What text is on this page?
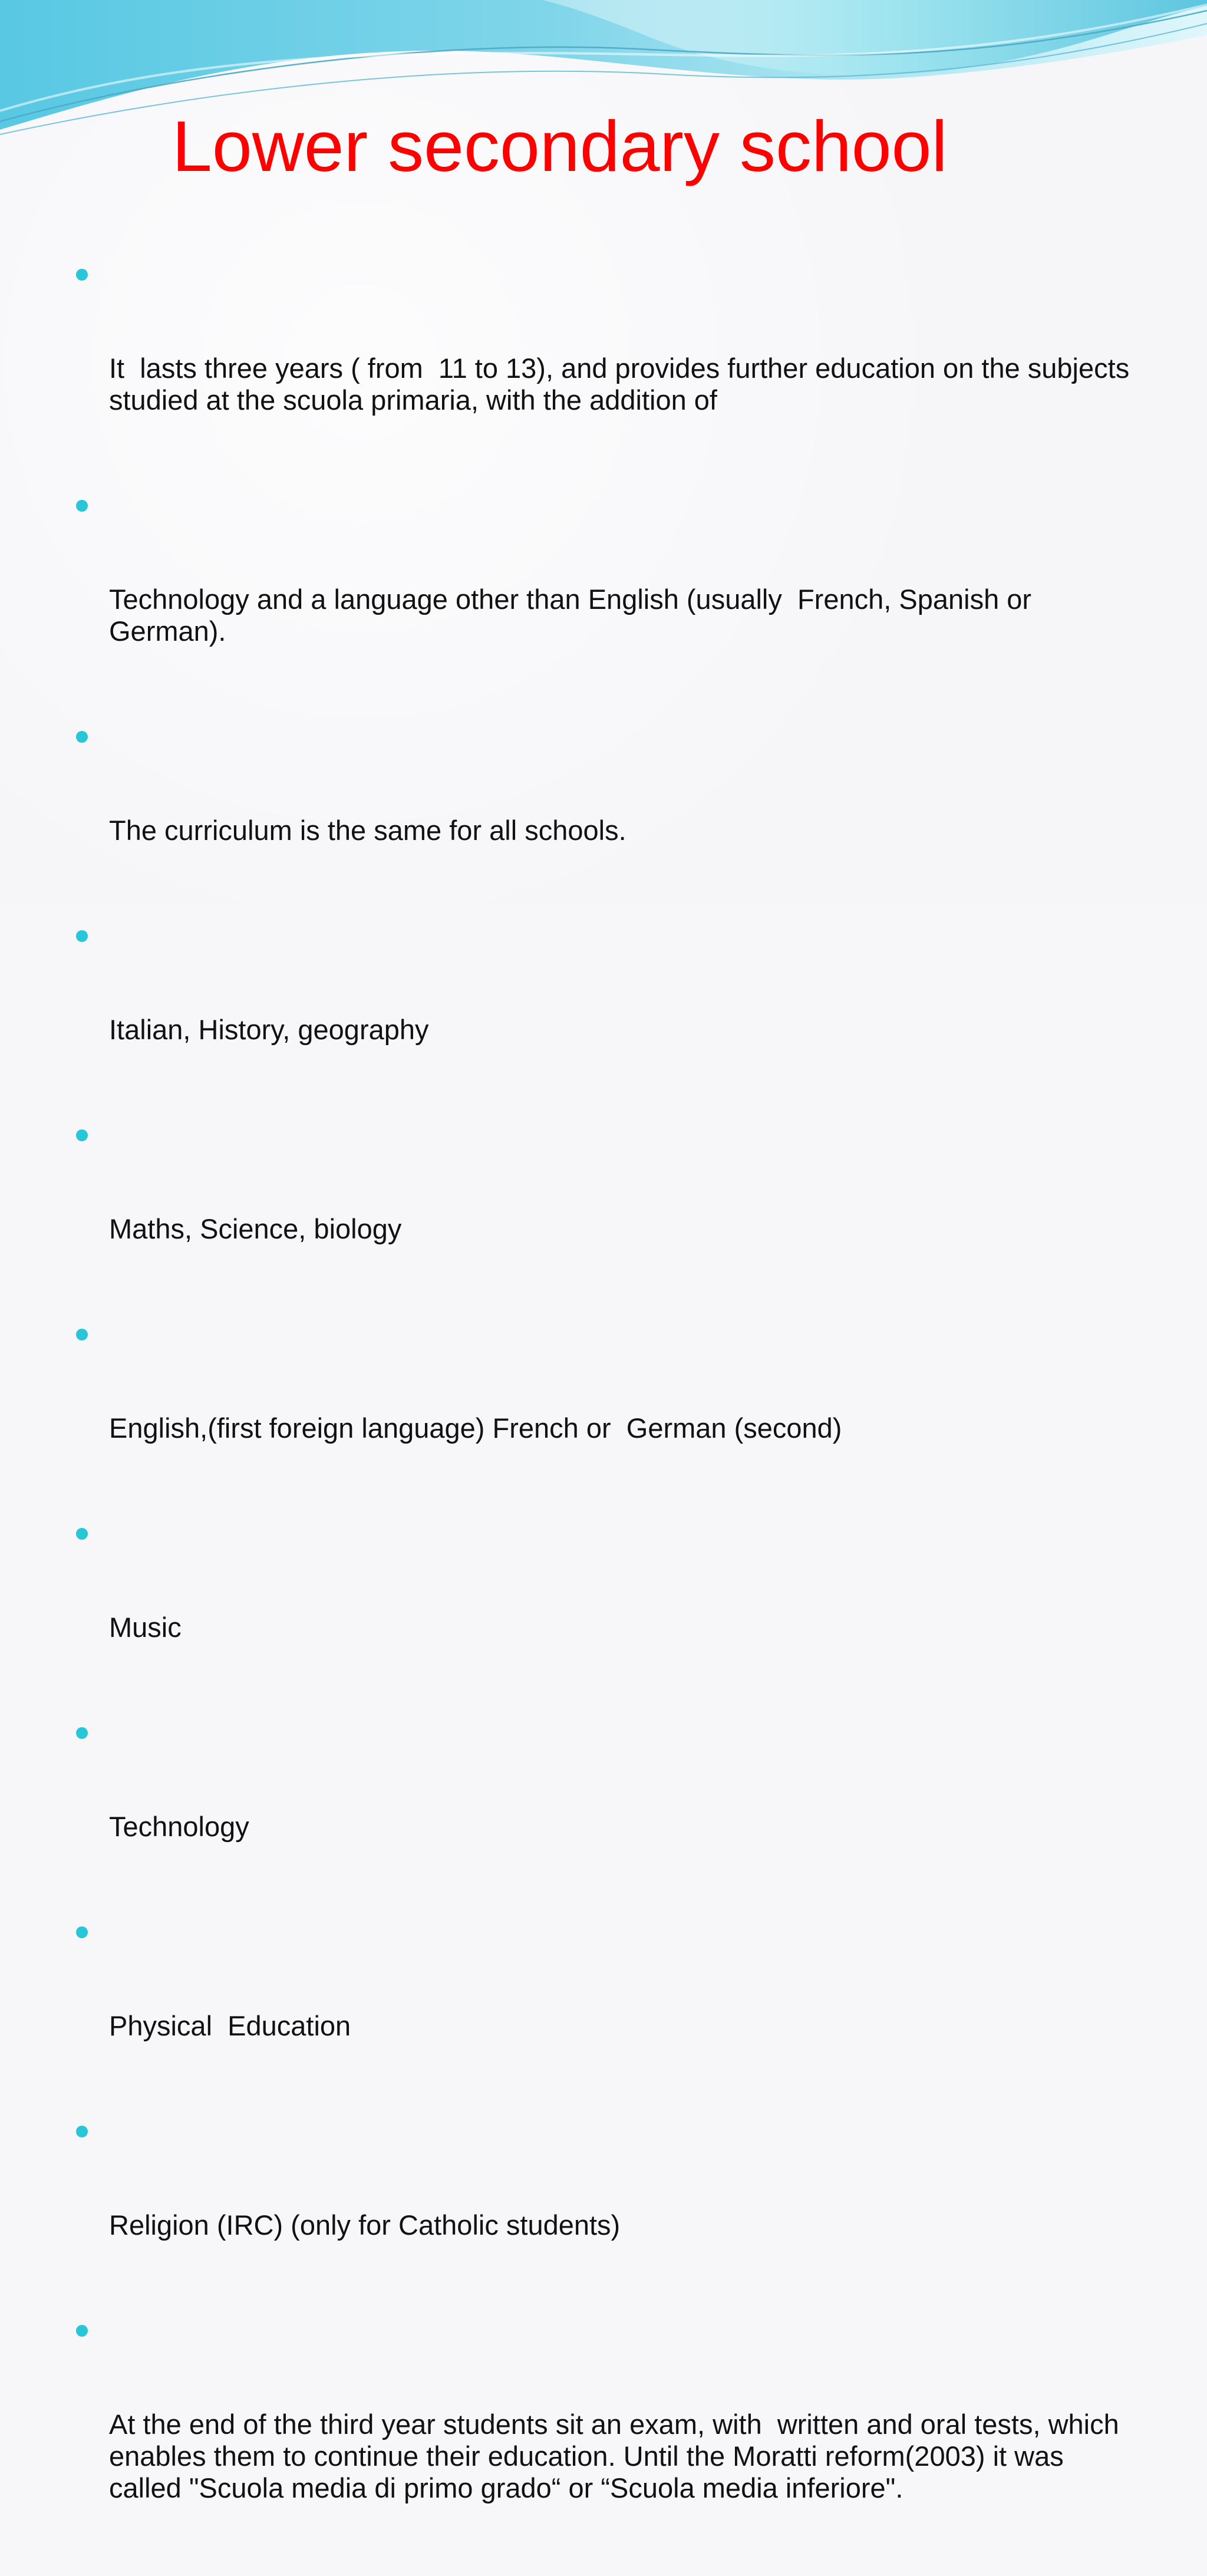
Lower secondary school

It  lasts three years ( from  11 to 13), and provides further education on the subjects studied at the scuola primaria, with the addition of

Technology and a language other than English (usually  French, Spanish or German).

The curriculum is the same for all schools.

Italian, History, geography

Maths, Science, biology

English,(first foreign language) French or  German (second)

Music

Technology

Physical  Education

Religion (IRC) (only for Catholic students)

At the end of the third year students sit an exam, with  written and oral tests, which enables them to continue their education. Until the Moratti reform(2003) it was called "Scuola media di primo grado“ or “Scuola media inferiore".
